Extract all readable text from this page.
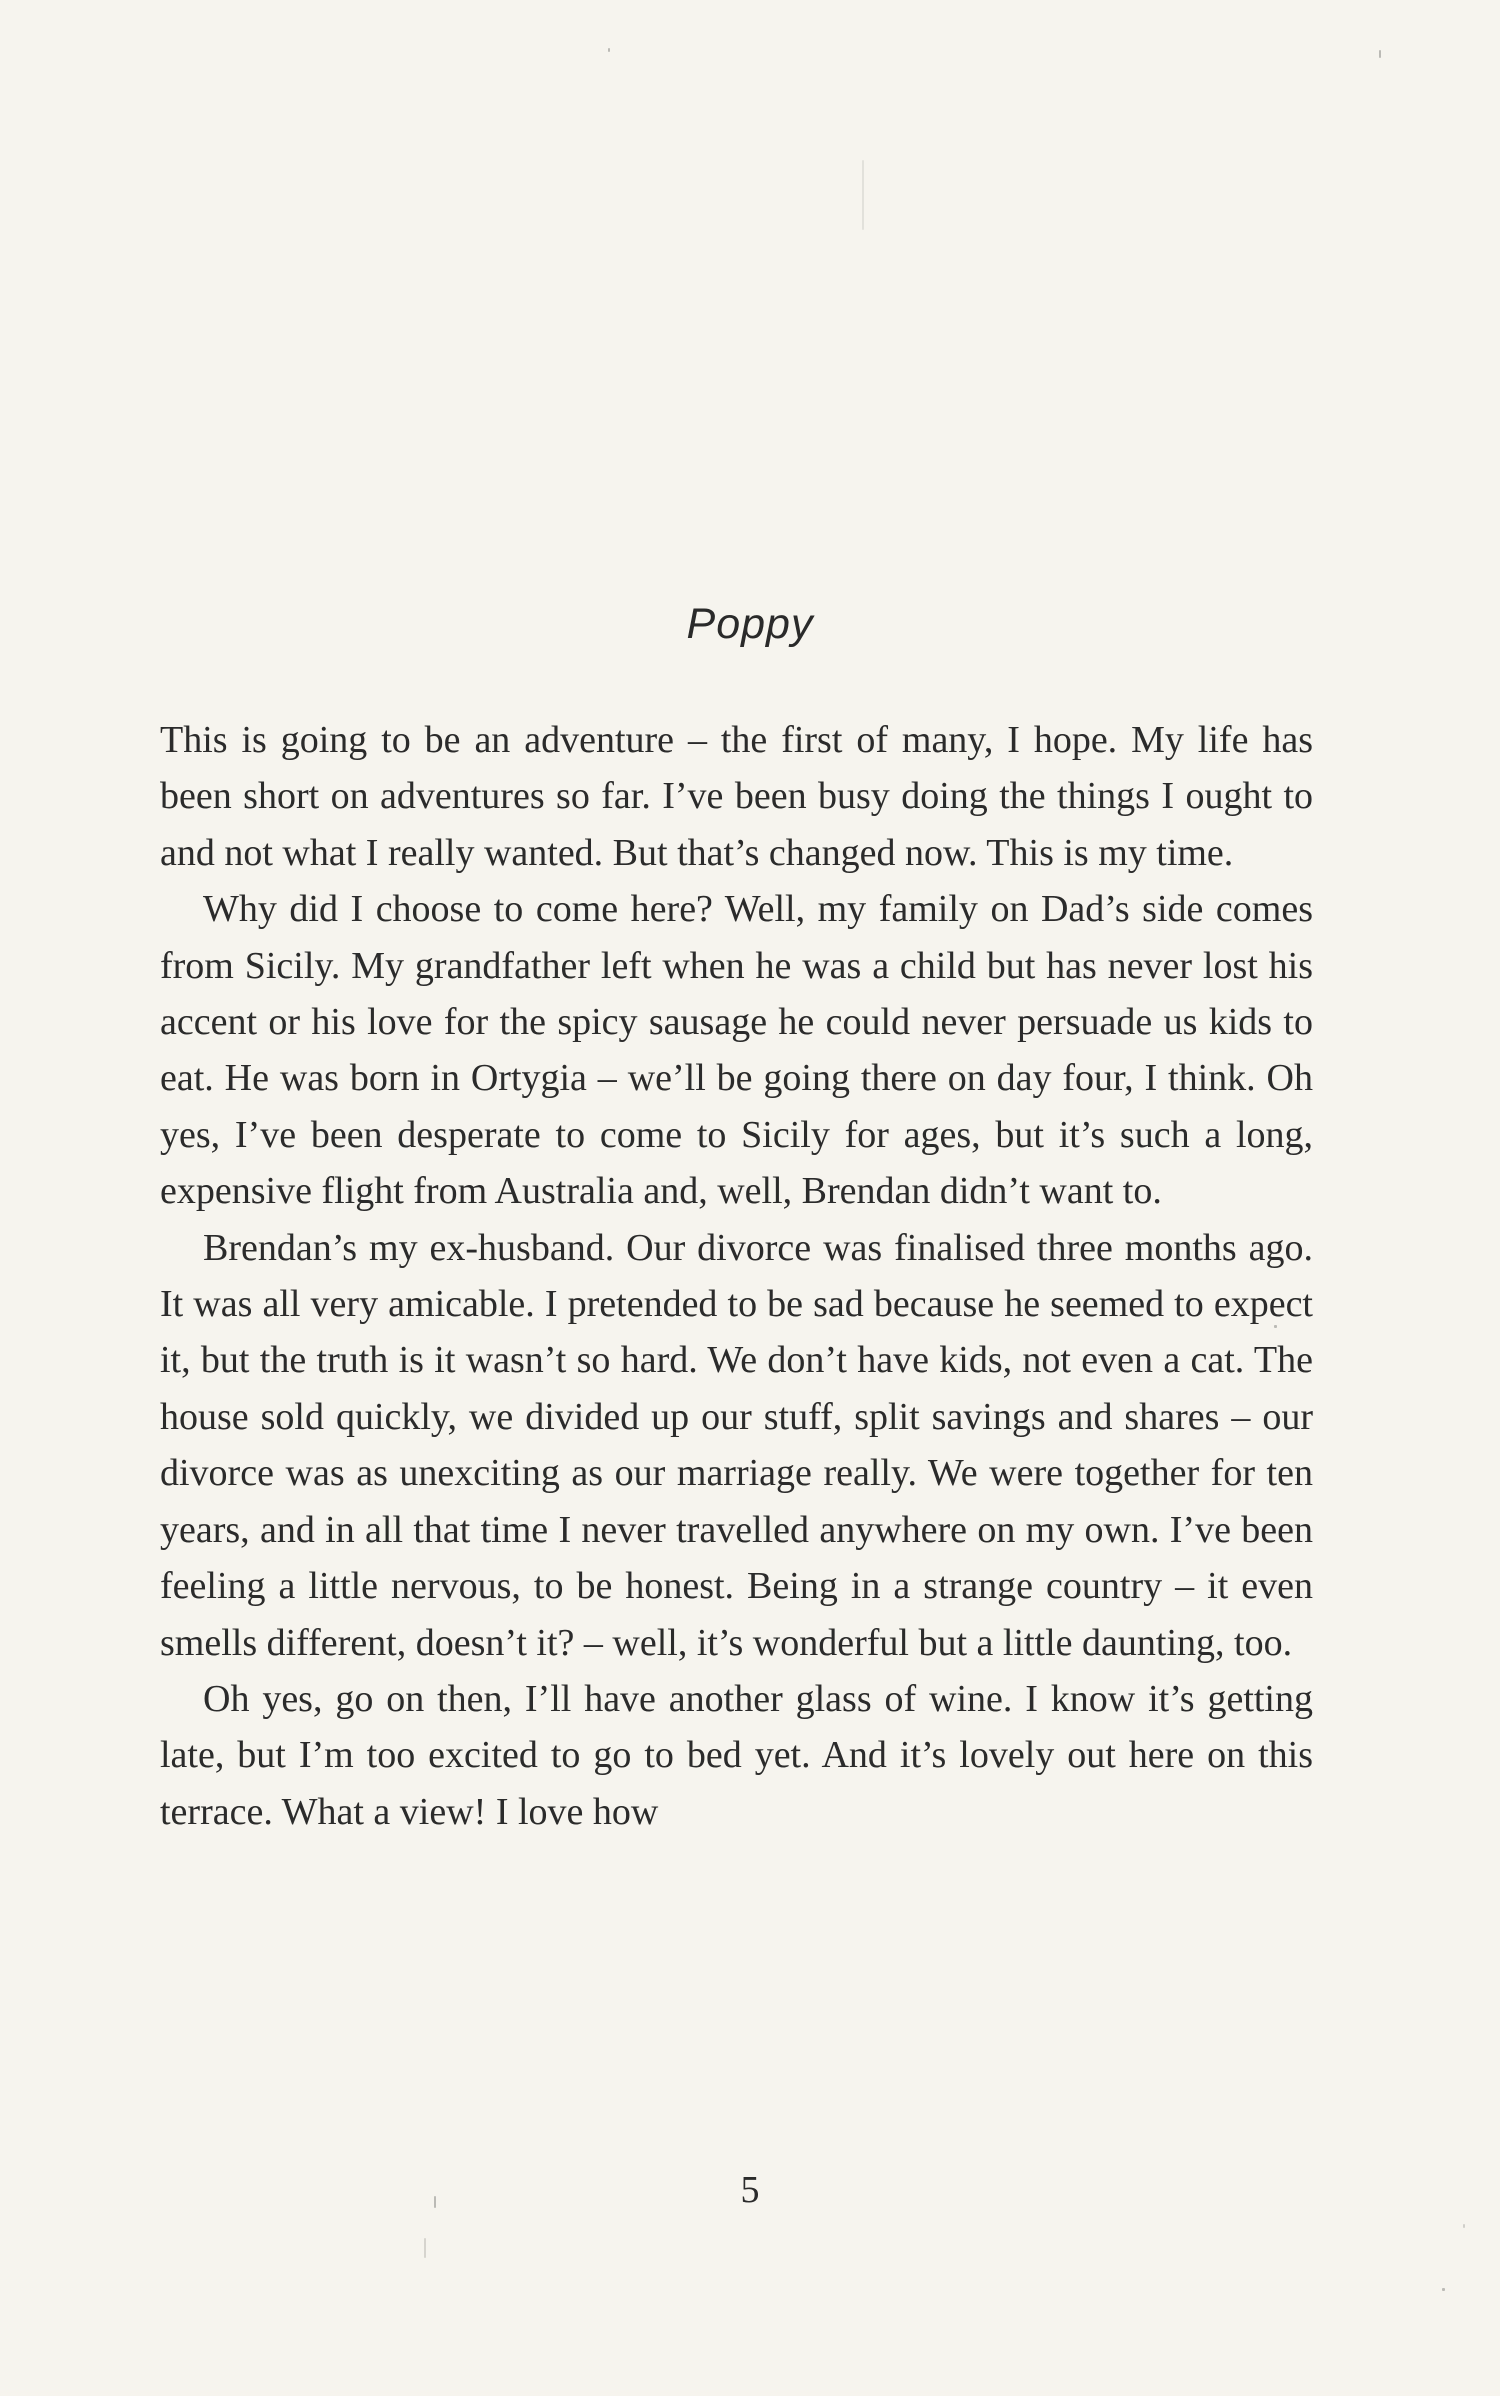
Poppy

This is going to be an adventure – the first of many, I hope. My life has been short on adventures so far. I’ve been busy doing the things I ought to and not what I really wanted. But that’s changed now. This is my time.

Why did I choose to come here? Well, my family on Dad’s side comes from Sicily. My grandfather left when he was a child but has never lost his accent or his love for the spicy sausage he could never persuade us kids to eat. He was born in Ortygia – we’ll be going there on day four, I think. Oh yes, I’ve been desperate to come to Sicily for ages, but it’s such a long, expensive flight from Australia and, well, Brendan didn’t want to.

Brendan’s my ex-husband. Our divorce was finalised three months ago. It was all very amicable. I pretended to be sad because he seemed to expect it, but the truth is it wasn’t so hard. We don’t have kids, not even a cat. The house sold quickly, we divided up our stuff, split savings and shares – our divorce was as unexciting as our marriage really. We were together for ten years, and in all that time I never travelled anywhere on my own. I’ve been feeling a little nervous, to be honest. Being in a strange country – it even smells different, doesn’t it? – well, it’s wonderful but a little daunting, too.

Oh yes, go on then, I’ll have another glass of wine. I know it’s getting late, but I’m too excited to go to bed yet. And it’s lovely out here on this terrace. What a view! I love how

5
